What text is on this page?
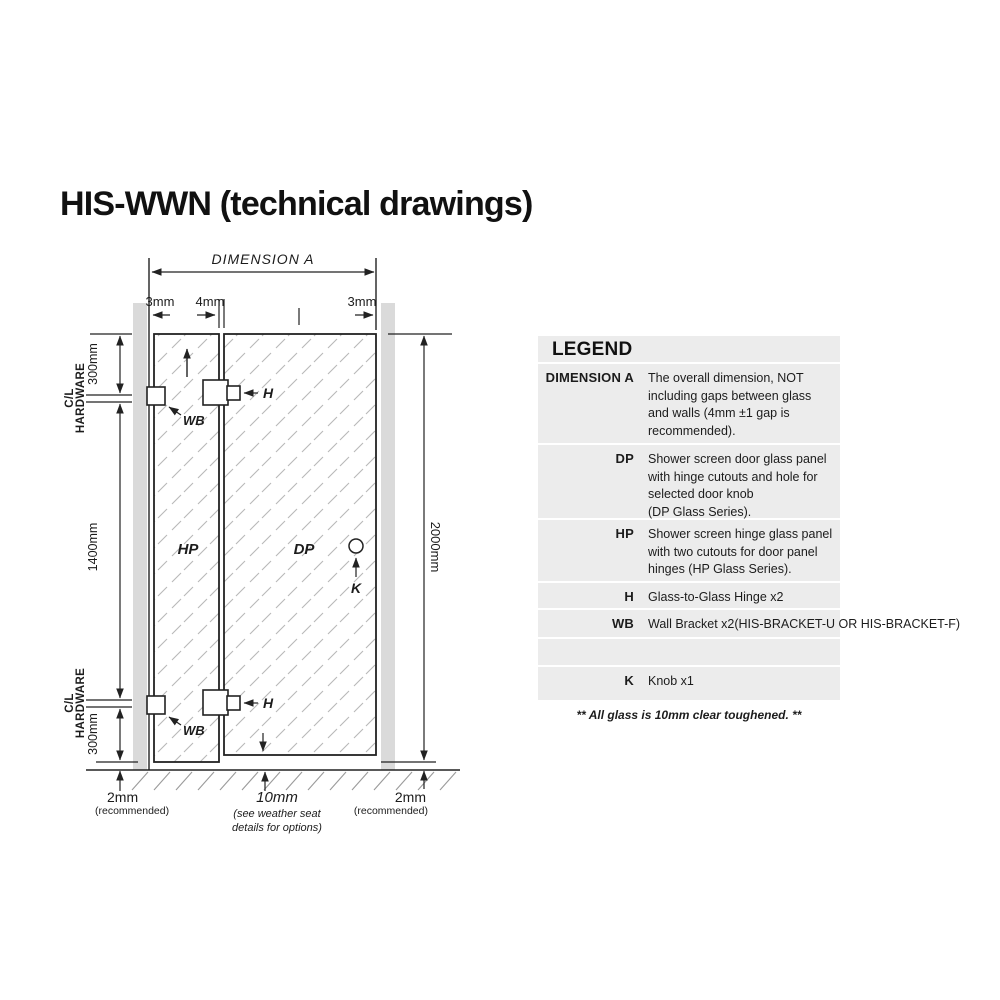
HIS-WWN (technical drawings)
HP	DP
DIMENSION A
3mm 4mm	3mm
300mm
C/L HARDWARE
1400mm
C/L HARDWARE 300mm
2000mm
WB
H
WB
H
K
2mm
(recommended)
10mm
(see weather seat
details for options)
2mm
(recommended)
LEGEND
DIMENSION A The overall dimension, NOT
including gaps between glass
and walls (4mm ±1 gap is
recommended).
DP Shower screen door glass panel
with hinge cutouts and hole for
selected door knob
(DP Glass Series).
HP Shower screen hinge glass panel
with two cutouts for door panel
hinges (HP Glass Series).
H Glass-to-Glass Hinge x2
WB Wall Bracket x2(HIS-BRACKET-U OR HIS-BRACKET-F)
K Knob x1
** All glass is 10mm clear toughened. **
